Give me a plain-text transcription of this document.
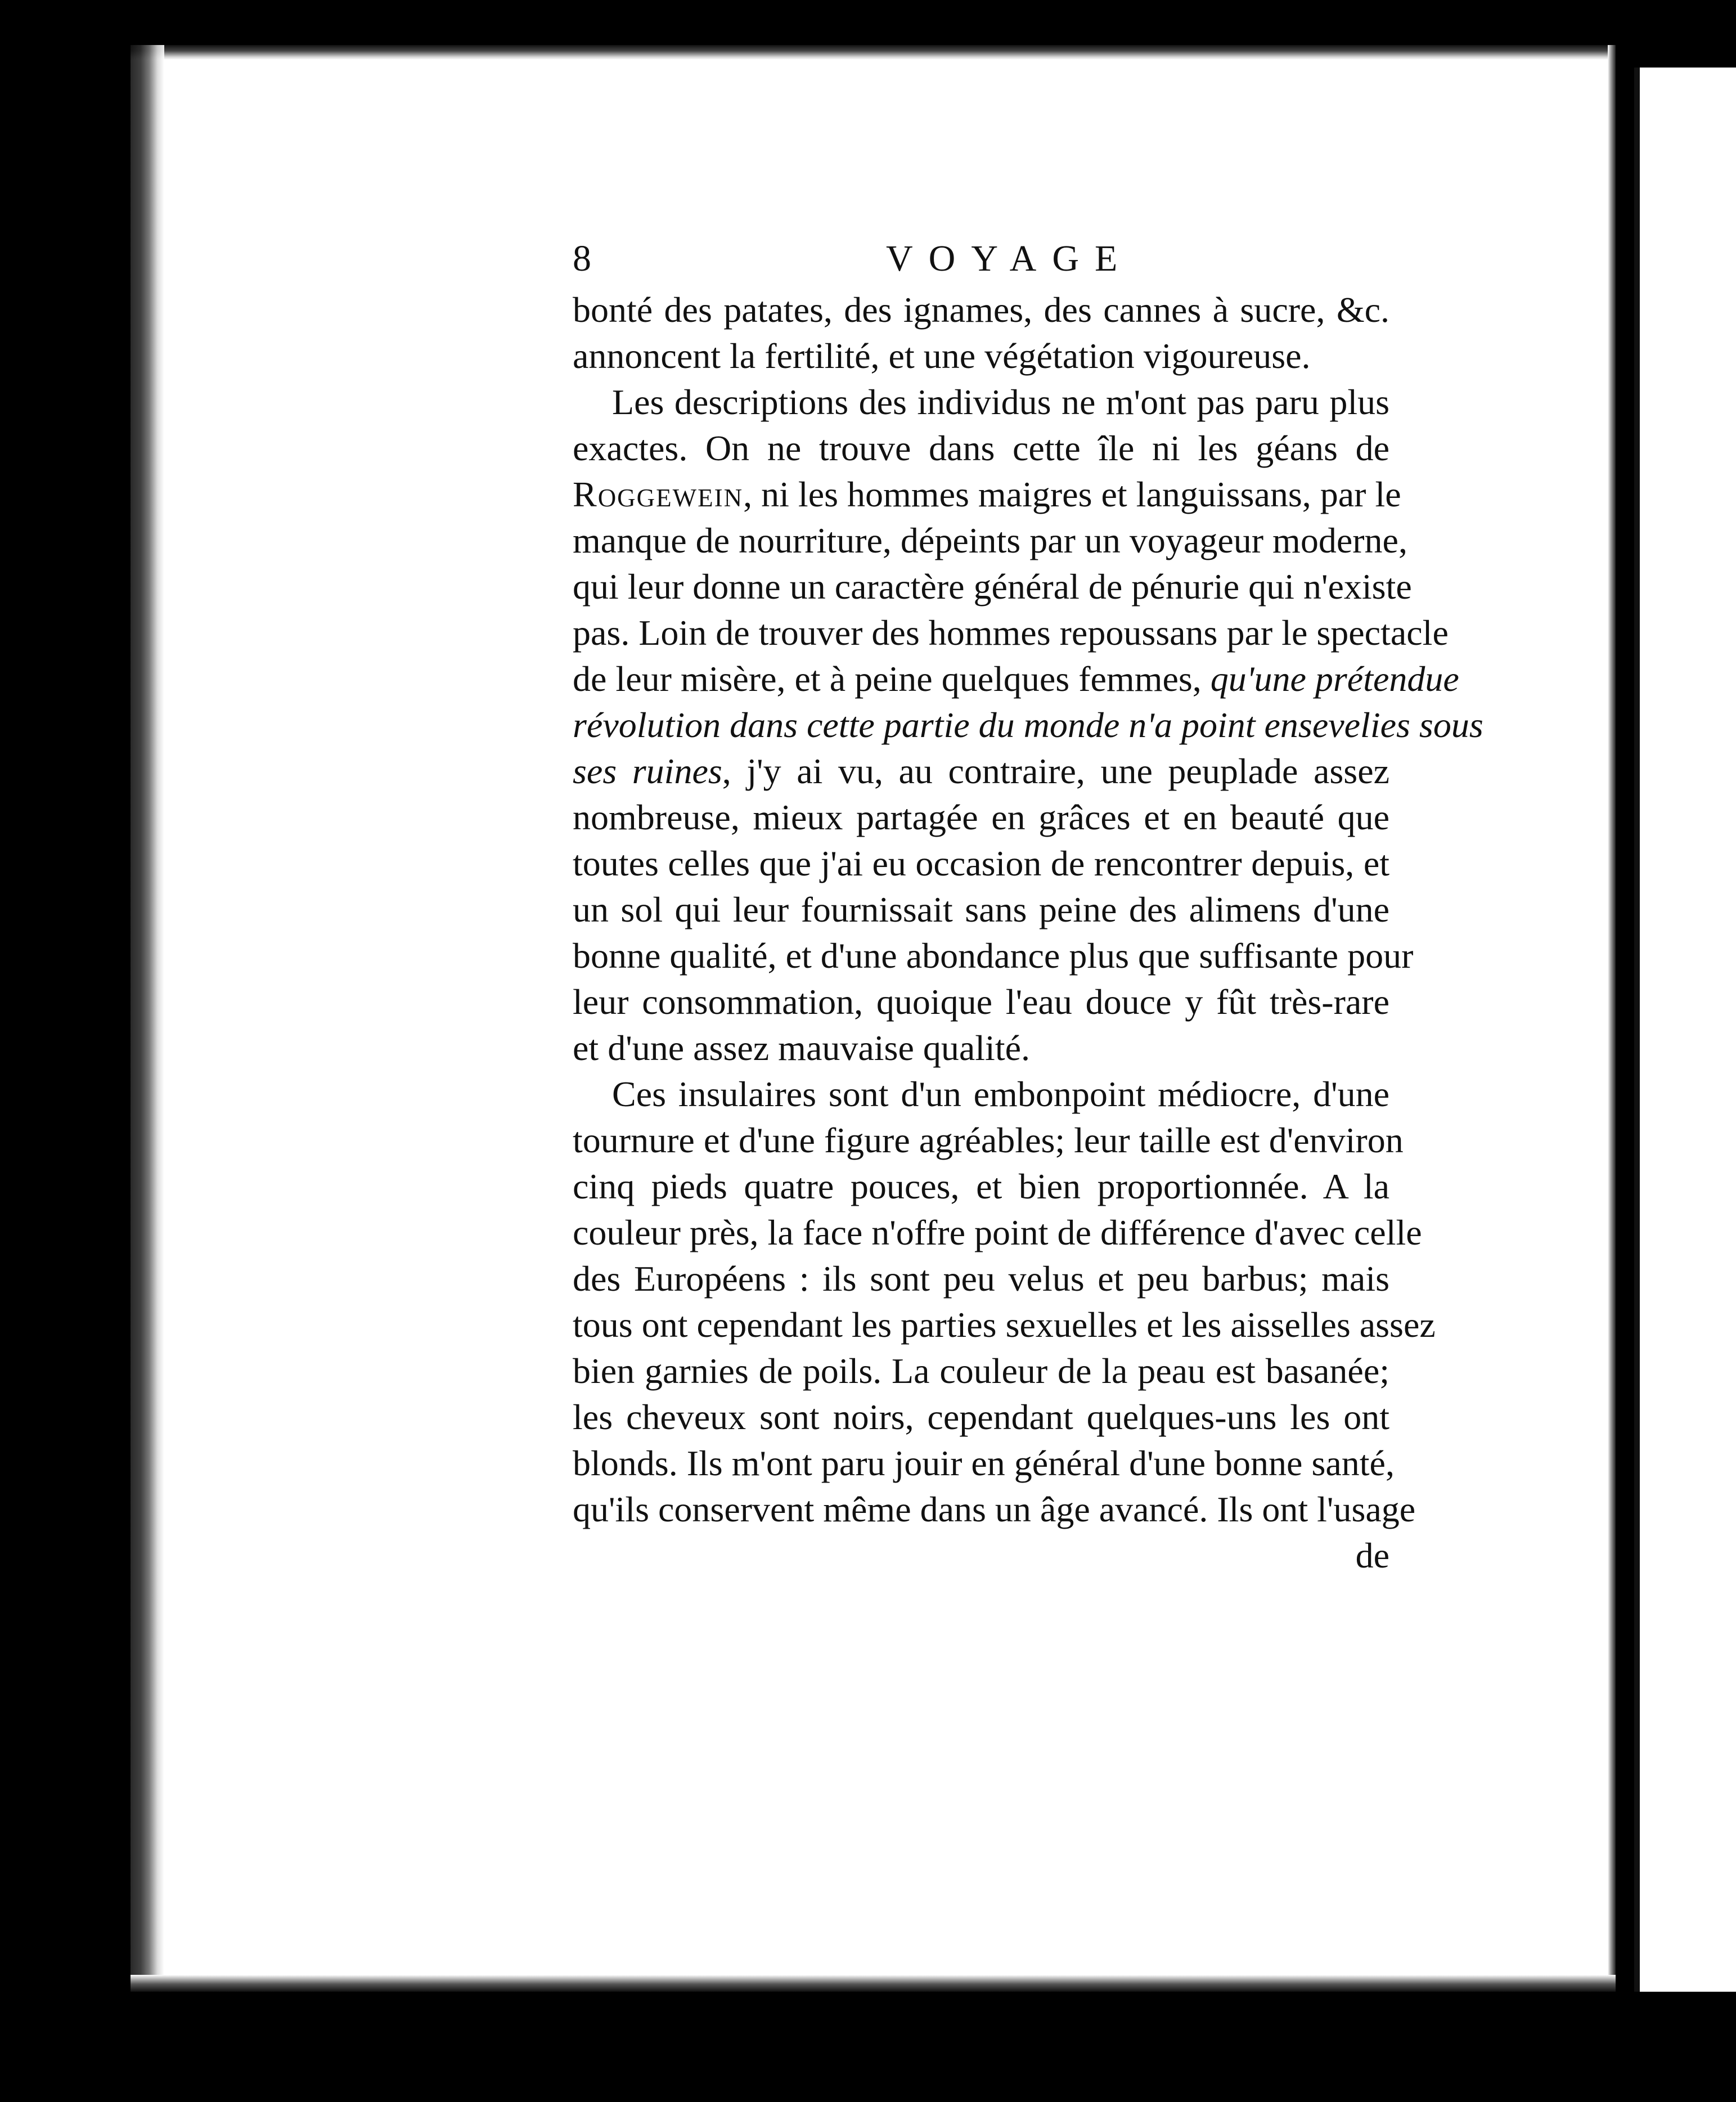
8	VOYAGE
bonté des patates, des ignames, des cannes à sucre, &c.
annoncent la fertilité, et une végétation vigoureuse.
Les descriptions des individus ne m'ont pas paru plus
exactes. On ne trouve dans cette île ni les géans de
Roggewein, ni les hommes maigres et languissans, par le
manque de nourriture, dépeints par un voyageur moderne,
qui leur donne un caractère général de pénurie qui n'existe
pas. Loin de trouver des hommes repoussans par le spectacle
de leur misère, et à peine quelques femmes, qu'une prétendue
révolution dans cette partie du monde n'a point ensevelies sous
ses ruines, j'y ai vu, au contraire, une peuplade assez
nombreuse, mieux partagée en grâces et en beauté que
toutes celles que j'ai eu occasion de rencontrer depuis, et
un sol qui leur fournissait sans peine des alimens d'une
bonne qualité, et d'une abondance plus que suffisante pour
leur consommation, quoique l'eau douce y fût très-rare
et d'une assez mauvaise qualité.
Ces insulaires sont d'un embonpoint médiocre, d'une
tournure et d'une figure agréables; leur taille est d'environ
cinq pieds quatre pouces, et bien proportionnée. A la
couleur près, la face n'offre point de différence d'avec celle
des Européens : ils sont peu velus et peu barbus; mais
tous ont cependant les parties sexuelles et les aisselles assez
bien garnies de poils. La couleur de la peau est basanée;
les cheveux sont noirs, cependant quelques-uns les ont
blonds. Ils m'ont paru jouir en général d'une bonne santé,
qu'ils conservent même dans un âge avancé. Ils ont l'usage
de
